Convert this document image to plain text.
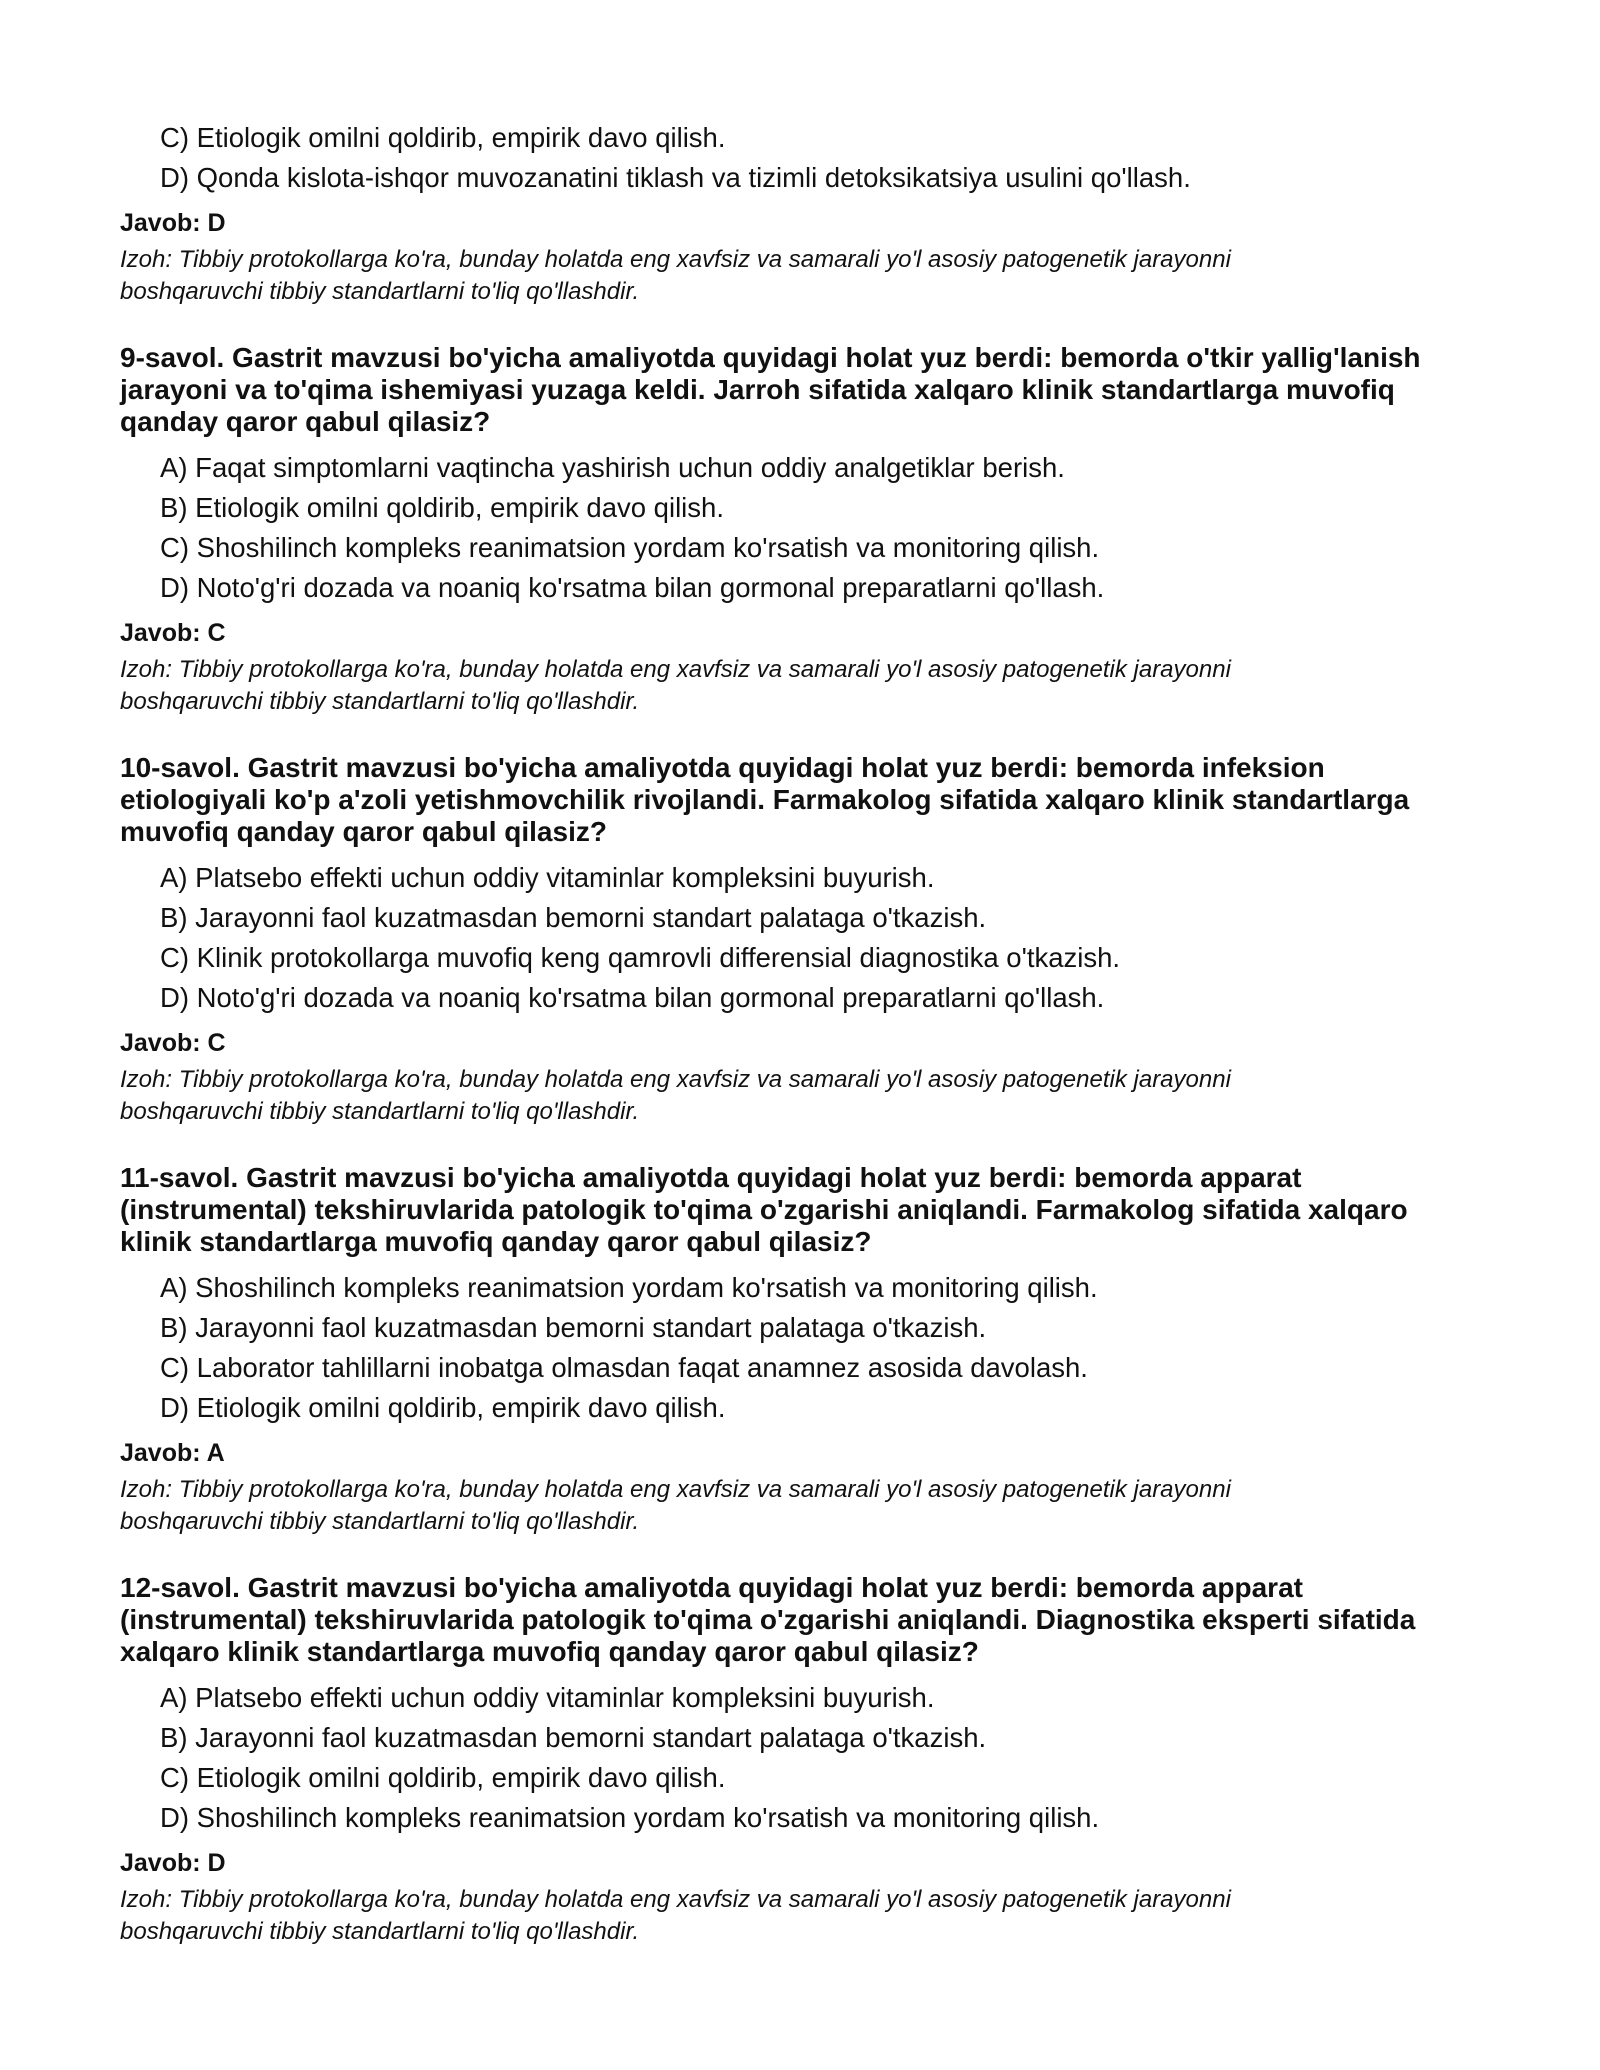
C) Etiologik omilni qoldirib, empirik davo qilish.
D) Qonda kislota-ishqor muvozanatini tiklash va tizimli detoksikatsiya usulini qo'llash.
Javob: D
Izoh: Tibbiy protokollarga ko'ra, bunday holatda eng xavfsiz va samarali yo'l asosiy patogenetik jarayonni
boshqaruvchi tibbiy standartlarni to'liq qo'llashdir.
9-savol. Gastrit mavzusi bo'yicha amaliyotda quyidagi holat yuz berdi: bemorda o'tkir yallig'lanish
jarayoni va to'qima ishemiyasi yuzaga keldi. Jarroh sifatida xalqaro klinik standartlarga muvofiq
qanday qaror qabul qilasiz?
A) Faqat simptomlarni vaqtincha yashirish uchun oddiy analgetiklar berish.
B) Etiologik omilni qoldirib, empirik davo qilish.
C) Shoshilinch kompleks reanimatsion yordam ko'rsatish va monitoring qilish.
D) Noto'g'ri dozada va noaniq ko'rsatma bilan gormonal preparatlarni qo'llash.
Javob: C
Izoh: Tibbiy protokollarga ko'ra, bunday holatda eng xavfsiz va samarali yo'l asosiy patogenetik jarayonni
boshqaruvchi tibbiy standartlarni to'liq qo'llashdir.
10-savol. Gastrit mavzusi bo'yicha amaliyotda quyidagi holat yuz berdi: bemorda infeksion
etiologiyali ko'p a'zoli yetishmovchilik rivojlandi. Farmakolog sifatida xalqaro klinik standartlarga
muvofiq qanday qaror qabul qilasiz?
A) Platsebo effekti uchun oddiy vitaminlar kompleksini buyurish.
B) Jarayonni faol kuzatmasdan bemorni standart palataga o'tkazish.
C) Klinik protokollarga muvofiq keng qamrovli differensial diagnostika o'tkazish.
D) Noto'g'ri dozada va noaniq ko'rsatma bilan gormonal preparatlarni qo'llash.
Javob: C
Izoh: Tibbiy protokollarga ko'ra, bunday holatda eng xavfsiz va samarali yo'l asosiy patogenetik jarayonni
boshqaruvchi tibbiy standartlarni to'liq qo'llashdir.
11-savol. Gastrit mavzusi bo'yicha amaliyotda quyidagi holat yuz berdi: bemorda apparat
(instrumental) tekshiruvlarida patologik to'qima o'zgarishi aniqlandi. Farmakolog sifatida xalqaro
klinik standartlarga muvofiq qanday qaror qabul qilasiz?
A) Shoshilinch kompleks reanimatsion yordam ko'rsatish va monitoring qilish.
B) Jarayonni faol kuzatmasdan bemorni standart palataga o'tkazish.
C) Laborator tahlillarni inobatga olmasdan faqat anamnez asosida davolash.
D) Etiologik omilni qoldirib, empirik davo qilish.
Javob: A
Izoh: Tibbiy protokollarga ko'ra, bunday holatda eng xavfsiz va samarali yo'l asosiy patogenetik jarayonni
boshqaruvchi tibbiy standartlarni to'liq qo'llashdir.
12-savol. Gastrit mavzusi bo'yicha amaliyotda quyidagi holat yuz berdi: bemorda apparat
(instrumental) tekshiruvlarida patologik to'qima o'zgarishi aniqlandi. Diagnostika eksperti sifatida
xalqaro klinik standartlarga muvofiq qanday qaror qabul qilasiz?
A) Platsebo effekti uchun oddiy vitaminlar kompleksini buyurish.
B) Jarayonni faol kuzatmasdan bemorni standart palataga o'tkazish.
C) Etiologik omilni qoldirib, empirik davo qilish.
D) Shoshilinch kompleks reanimatsion yordam ko'rsatish va monitoring qilish.
Javob: D
Izoh: Tibbiy protokollarga ko'ra, bunday holatda eng xavfsiz va samarali yo'l asosiy patogenetik jarayonni
boshqaruvchi tibbiy standartlarni to'liq qo'llashdir.
